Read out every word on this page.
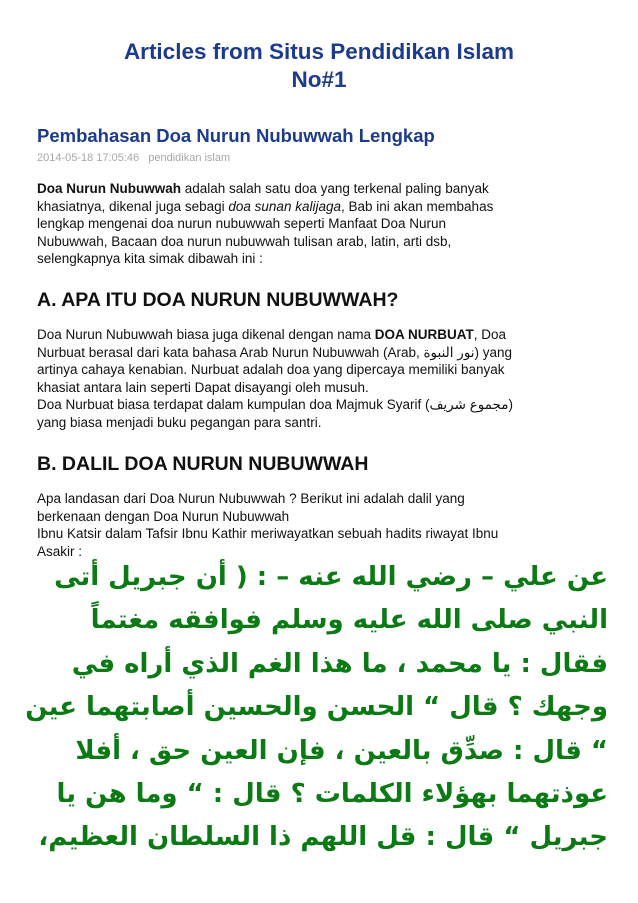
Articles from Situs Pendidikan Islam
No#1
Pembahasan Doa Nurun Nubuwwah Lengkap
2014-05-18 17:05:46 pendidikan islam
Doa Nurun Nubuwwah adalah salah satu doa yang terkenal paling banyak
khasiatnya, dikenal juga sebagi doa sunan kalijaga, Bab ini akan membahas
lengkap mengenai doa nurun nubuwwah seperti Manfaat Doa Nurun
Nubuwwah, Bacaan doa nurun nubuwwah tulisan arab, latin, arti dsb,
selengkapnya kita simak dibawah ini :
A. APA ITU DOA NURUN NUBUWWAH?
Doa Nurun Nubuwwah biasa juga dikenal dengan nama DOA NURBUAT, Doa
Nurbuat berasal dari kata bahasa Arab Nurun Nubuwwah (Arab, نور النبوة) yang
artinya cahaya kenabian. Nurbuat adalah doa yang dipercaya memiliki banyak
khasiat antara lain seperti Dapat disayangi oleh musuh.
Doa Nurbuat biasa terdapat dalam kumpulan doa Majmuk Syarif (مجموع شريف)
yang biasa menjadi buku pegangan para santri.
B. DALIL DOA NURUN NUBUWWAH
Apa landasan dari Doa Nurun Nubuwwah ? Berikut ini adalah dalil yang
berkenaan dengan Doa Nurun Nubuwwah
Ibnu Katsir dalam Tafsir Ibnu Kathir meriwayatkan sebuah hadits riwayat Ibnu
Asakir :
عن علي – رضي الله عنه – : ( أن جبريل أتى
النبي صلى الله عليه وسلم فوافقه مغتماً
فقال : يا محمد ، ما هذا الغم الذي أراه في
وجهك ؟ قال “ الحسن والحسين أصابتهما عين
“ قال : صدِّق بالعين ، فإن العين حق ، أفلا
عوذتهما بهؤلاء الكلمات ؟ قال : “ وما هن يا
جبريل “ قال : قل اللهم ذا السلطان العظيم،
